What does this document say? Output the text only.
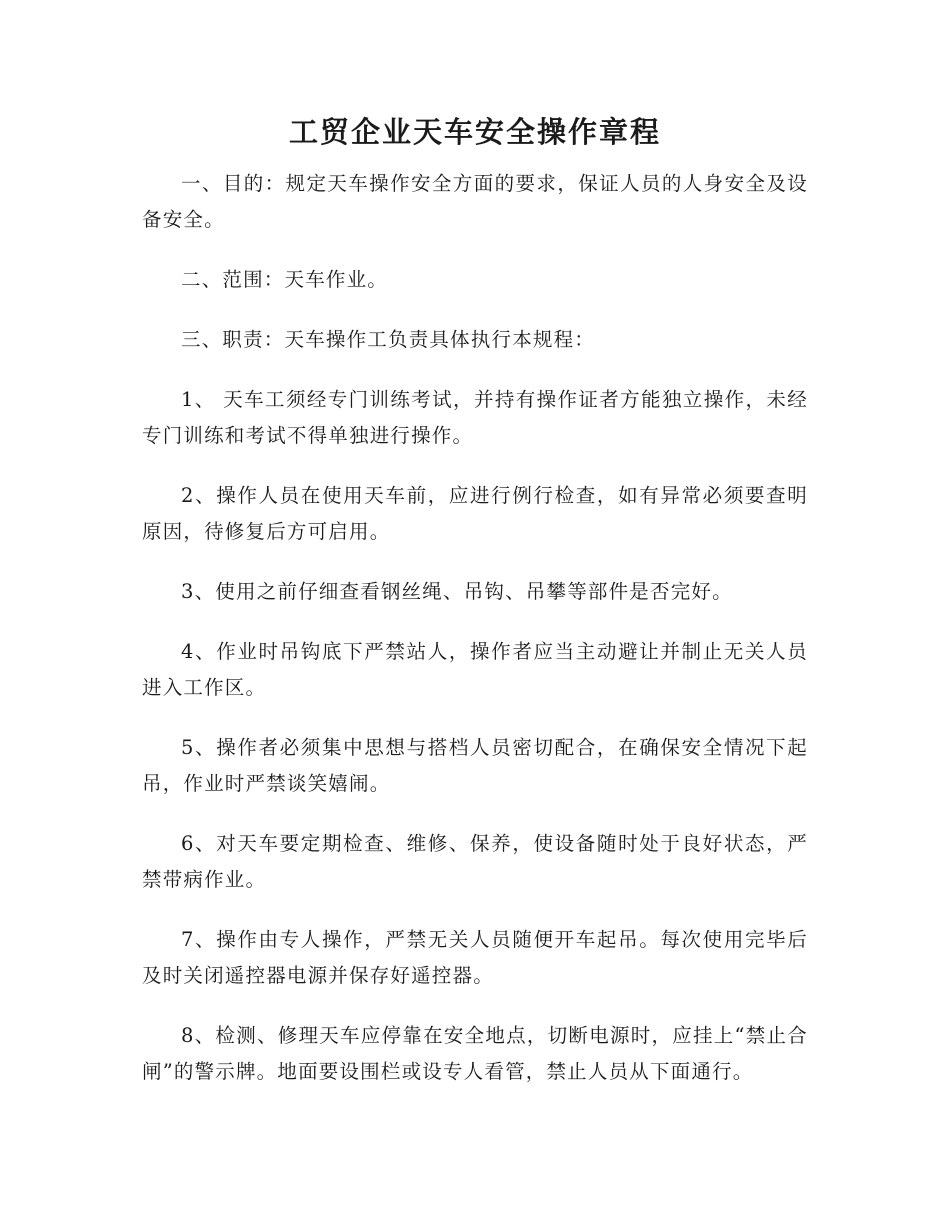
工贸企业天车安全操作章程

一、目的：规定天车操作安全方面的要求，保证人员的人身安全及设备安全。

二、范围：天车作业。

三、职责：天车操作工负责具体执行本规程：

1、 天车工须经专门训练考试，并持有操作证者方能独立操作，未经专门训练和考试不得单独进行操作。

2、操作人员在使用天车前，应进行例行检查，如有异常必须要查明原因，待修复后方可启用。

3、使用之前仔细查看钢丝绳、吊钩、吊攀等部件是否完好。

4、作业时吊钩底下严禁站人，操作者应当主动避让并制止无关人员进入工作区。

5、操作者必须集中思想与搭档人员密切配合，在确保安全情况下起吊，作业时严禁谈笑嬉闹。

6、对天车要定期检查、维修、保养，使设备随时处于良好状态，严禁带病作业。

7、操作由专人操作，严禁无关人员随便开车起吊。每次使用完毕后及时关闭遥控器电源并保存好遥控器。

8、检测、修理天车应停靠在安全地点，切断电源时，应挂上“禁止合闸”的警示牌。地面要设围栏或设专人看管，禁止人员从下面通行。
